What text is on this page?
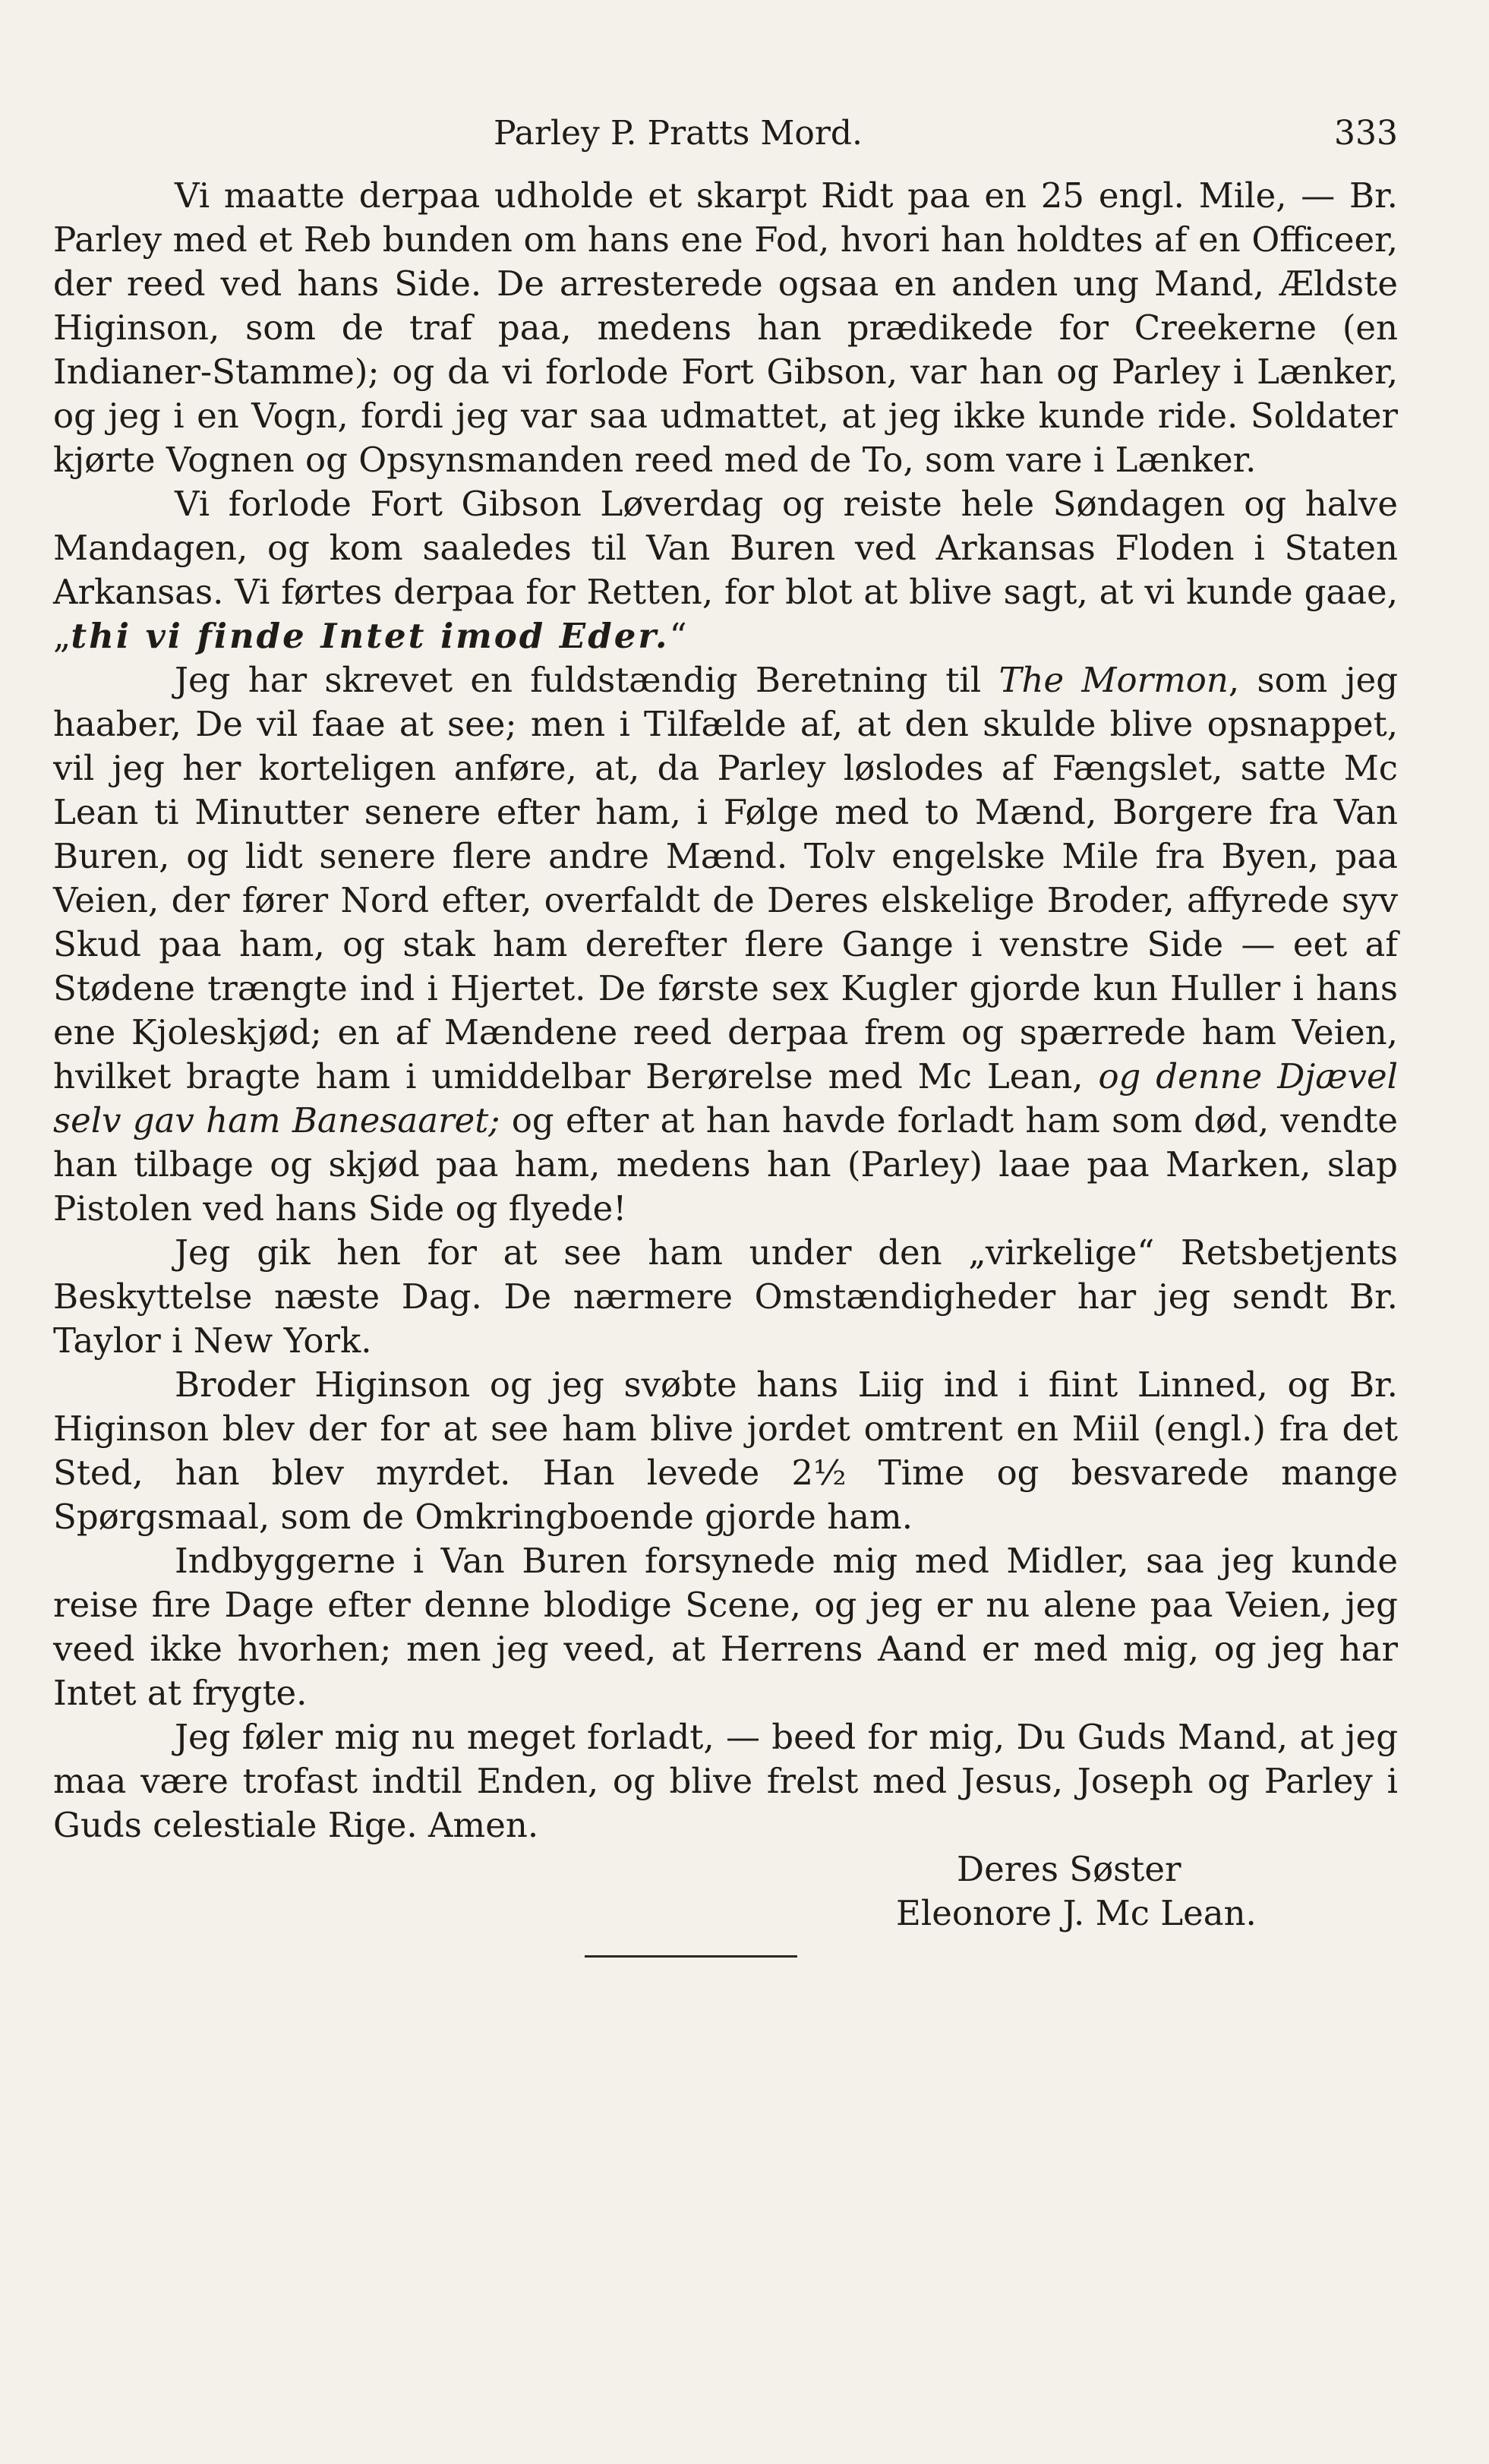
Parley P. Pratts Mord.	333

Vi maatte derpaa udholde et skarpt Ridt paa en 25 engl. Mile, — Br. Parley med et Reb bunden om hans ene Fod, hvori han holdtes af en Officeer, der reed ved hans Side. De arresterede ogsaa en anden ung Mand, Ældste Higinson, som de traf paa, medens han prædikede for Creekerne (en Indianer-Stamme); og da vi forlode Fort Gibson, var han og Parley i Lænker, og jeg i en Vogn, fordi jeg var saa udmattet, at jeg ikke kunde ride. Soldater kjørte Vognen og Opsynsmanden reed med de To, som vare i Lænker.

Vi forlode Fort Gibson Løverdag og reiste hele Søndagen og halve Mandagen, og kom saaledes til Van Buren ved Arkansas Floden i Staten Arkansas. Vi førtes derpaa for Retten, for blot at blive sagt, at vi kunde gaae, „thi vi finde Intet imod Eder.“

Jeg har skrevet en fuldstændig Beretning til The Mormon, som jeg haaber, De vil faae at see; men i Tilfælde af, at den skulde blive opsnappet, vil jeg her korteligen anføre, at, da Parley løslodes af Fængslet, satte Mc Lean ti Minutter senere efter ham, i Følge med to Mænd, Borgere fra Van Buren, og lidt senere flere andre Mænd. Tolv engelske Mile fra Byen, paa Veien, der fører Nord efter, overfaldt de Deres elskelige Broder, affyrede syv Skud paa ham, og stak ham derefter flere Gange i venstre Side — eet af Stødene trængte ind i Hjertet. De første sex Kugler gjorde kun Huller i hans ene Kjoleskjød; en af Mændene reed derpaa frem og spærrede ham Veien, hvilket bragte ham i umiddelbar Berørelse med Mc Lean, og denne Djævel selv gav ham Banesaaret; og efter at han havde forladt ham som død, vendte han tilbage og skjød paa ham, medens han (Parley) laae paa Marken, slap Pistolen ved hans Side og flyede!

Jeg gik hen for at see ham under den „virkelige“ Retsbetjents Beskyttelse næste Dag. De nærmere Omstændigheder har jeg sendt Br. Taylor i New York.

Broder Higinson og jeg svøbte hans Liig ind i fiint Linned, og Br. Higinson blev der for at see ham blive jordet omtrent en Miil (engl.) fra det Sted, han blev myrdet. Han levede 2½ Time og besvarede mange Spørgsmaal, som de Omkringboende gjorde ham.

Indbyggerne i Van Buren forsynede mig med Midler, saa jeg kunde reise fire Dage efter denne blodige Scene, og jeg er nu alene paa Veien, jeg veed ikke hvorhen; men jeg veed, at Herrens Aand er med mig, og jeg har Intet at frygte.

Jeg føler mig nu meget forladt, — beed for mig, Du Guds Mand, at jeg maa være trofast indtil Enden, og blive frelst med Jesus, Joseph og Parley i Guds celestiale Rige. Amen.

Deres Søster
Eleonore J. Mc Lean.
